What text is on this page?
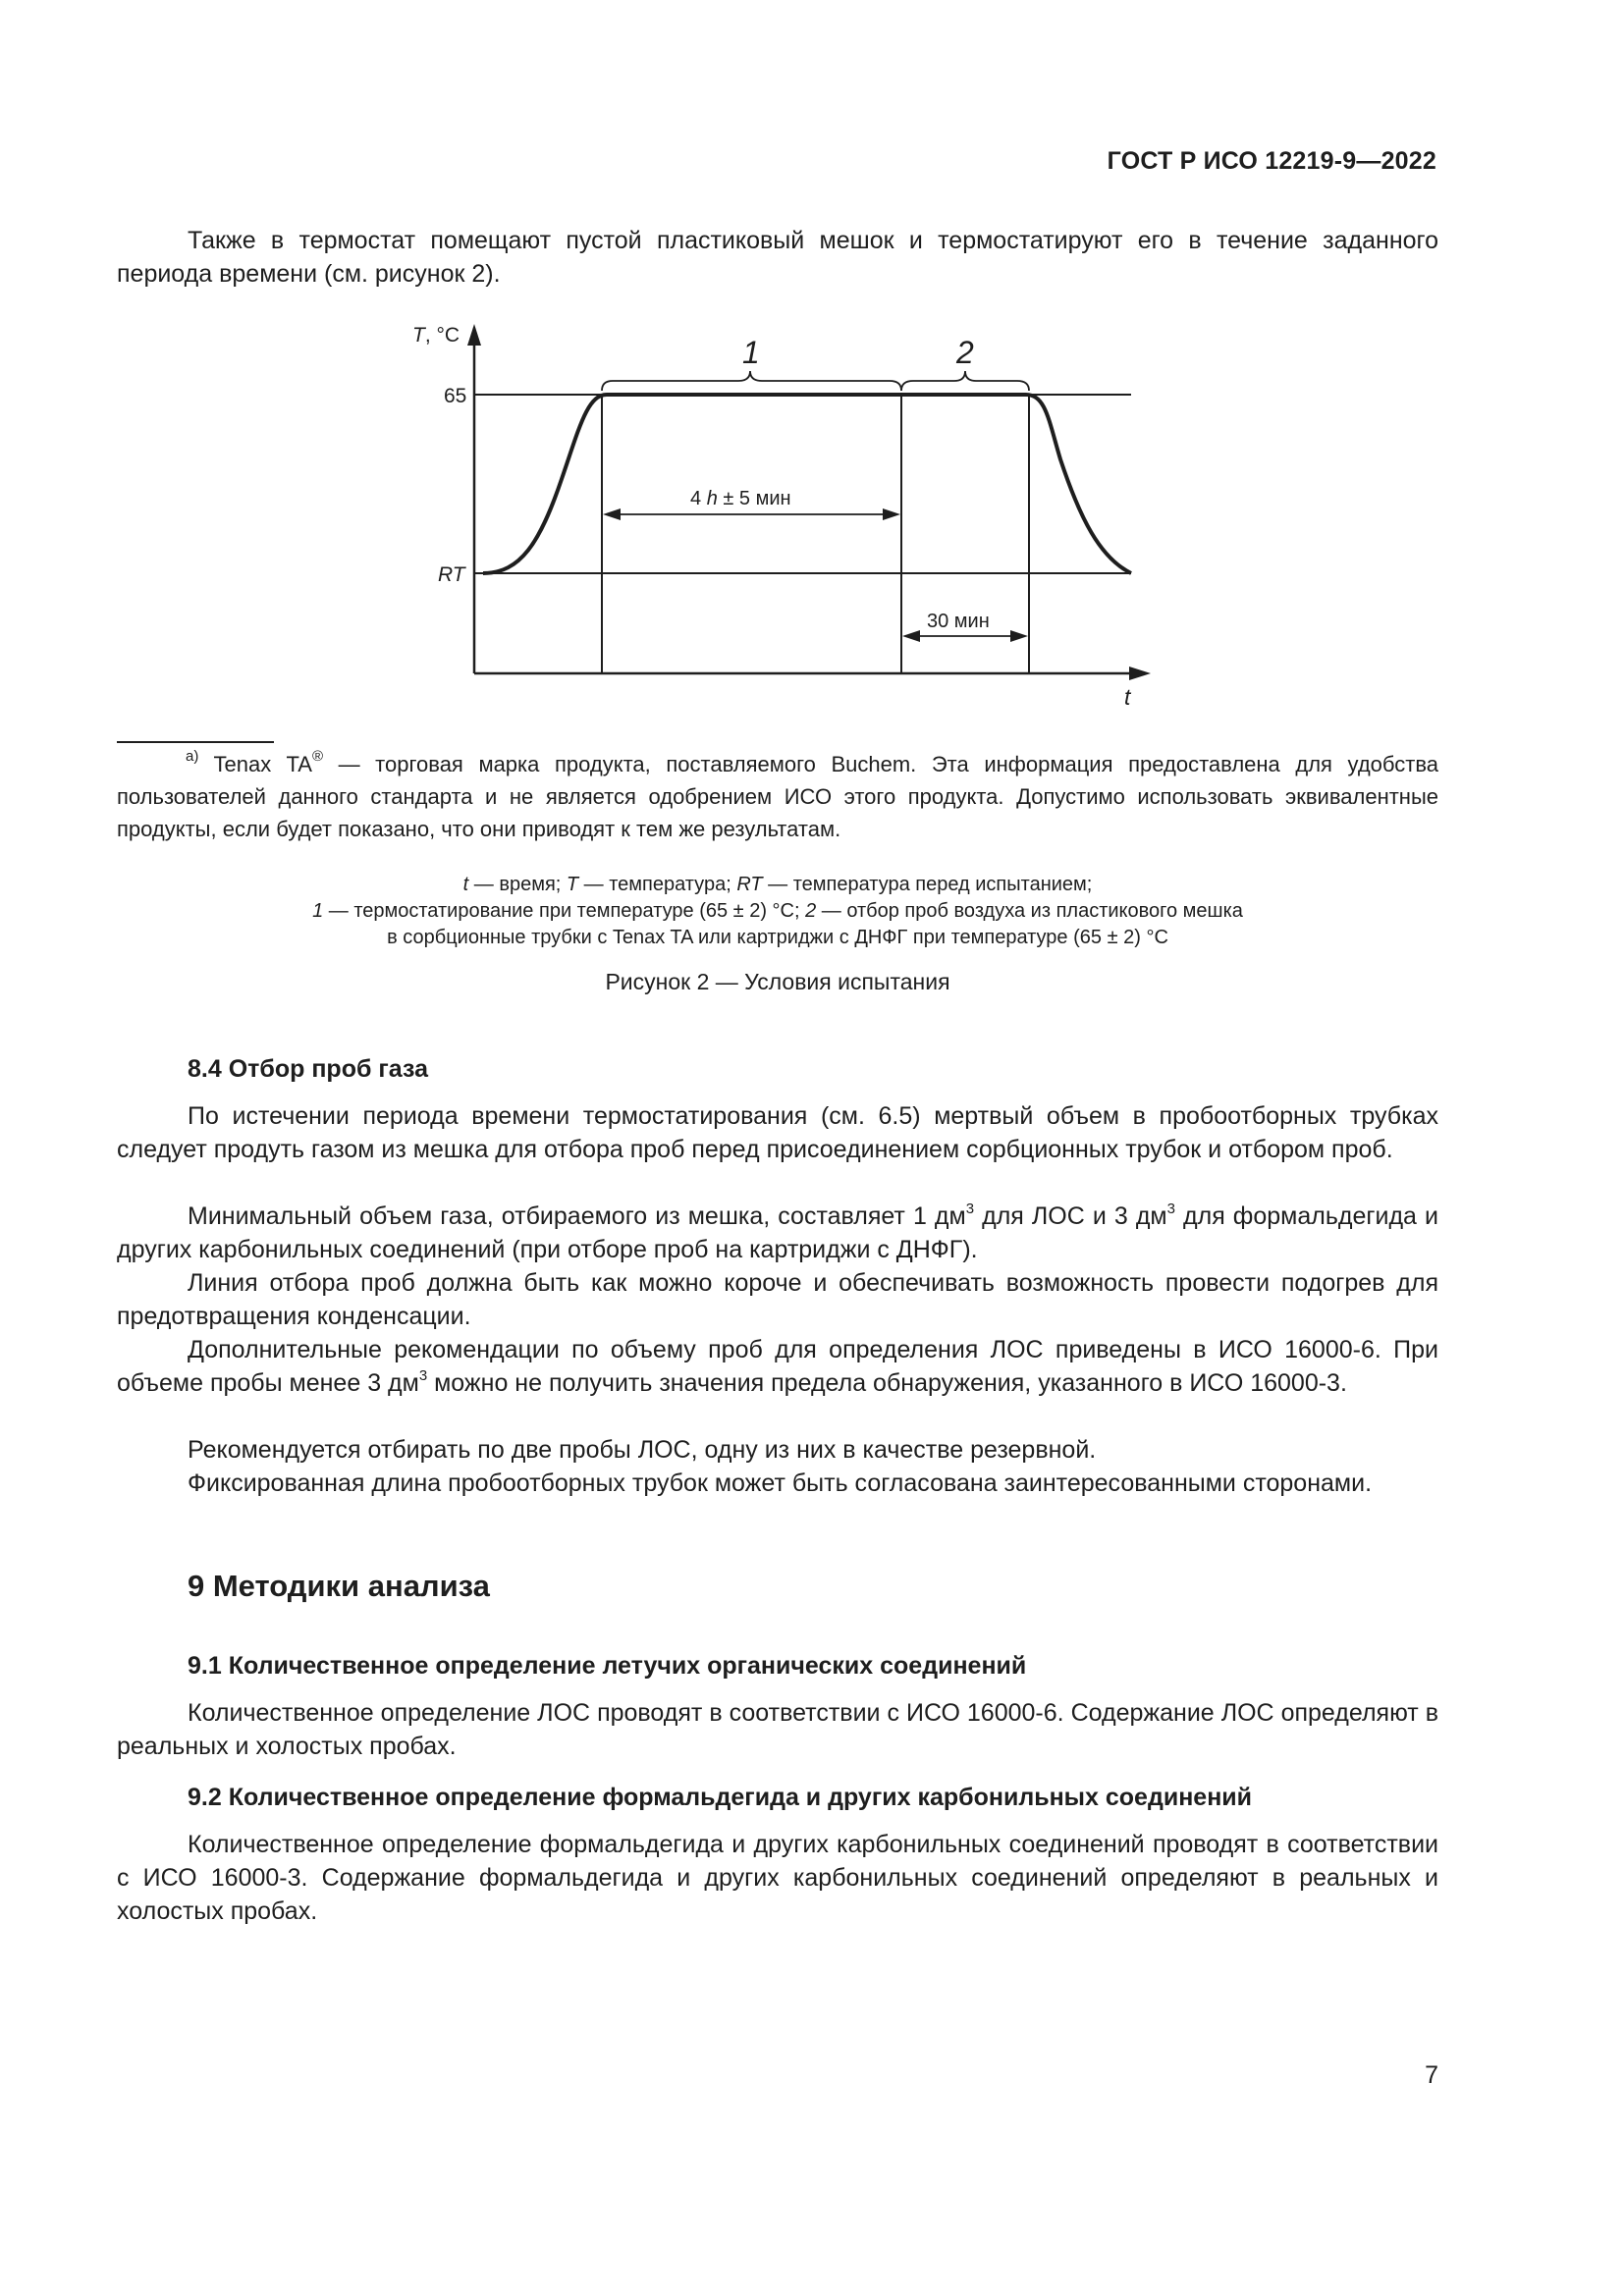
ГОСТ Р ИСО 12219-9—2022

Также в термостат помещают пустой пластиковый мешок и термостатируют его в течение заданного периода времени (см. рисунок 2).

T, °C
65
RT
t
1	2
4 h ± 5 мин
30 мин

$^{a)}$ Tenax TA® — торговая марка продукта, поставляемого Buchem. Эта информация предоставлена для удобства пользователей данного стандарта и не является одобрением ИСО этого продукта. Допустимо использовать эквивалентные продукты, если будет показано, что они приводят к тем же результатам.

t — время; T — температура; RT — температура перед испытанием;
1 — термостатирование при температуре (65 ± 2) °C; 2 — отбор проб воздуха из пластикового мешка
в сорбционные трубки с Tenax TA или картриджи с ДНФГ при температуре (65 ± 2) °C
Рисунок 2 — Условия испытания
8.4 Отбор проб газа

По истечении периода времени термостатирования (см. 6.5) мертвый объем в пробоотборных трубках следует продуть газом из мешка для отбора проб перед присоединением сорбционных трубок и отбором проб.

Минимальный объем газа, отбираемого из мешка, составляет 1 $дм^3$ для ЛОС и 3 $дм^3$ для формальдегида и других карбонильных соединений (при отборе проб на картриджи с ДНФГ).

Линия отбора проб должна быть как можно короче и обеспечивать возможность провести подогрев для предотвращения конденсации.

Дополнительные рекомендации по объему проб для определения ЛОС приведены в ИСО 16000-6. При объеме пробы менее 3 $дм^3$ можно не получить значения предела обнаружения, указанного в ИСО 16000-3.

Рекомендуется отбирать по две пробы ЛОС, одну из них в качестве резервной.

Фиксированная длина пробоотборных трубок может быть согласована заинтересованными сторонами.

9 Методики анализа
9.1 Количественное определение летучих органических соединений

Количественное определение ЛОС проводят в соответствии с ИСО 16000-6. Содержание ЛОС определяют в реальных и холостых пробах.

9.2 Количественное определение формальдегида и других карбонильных соединений

Количественное определение формальдегида и других карбонильных соединений проводят в соответствии с ИСО 16000-3. Содержание формальдегида и других карбонильных соединений определяют в реальных и холостых пробах.

7
